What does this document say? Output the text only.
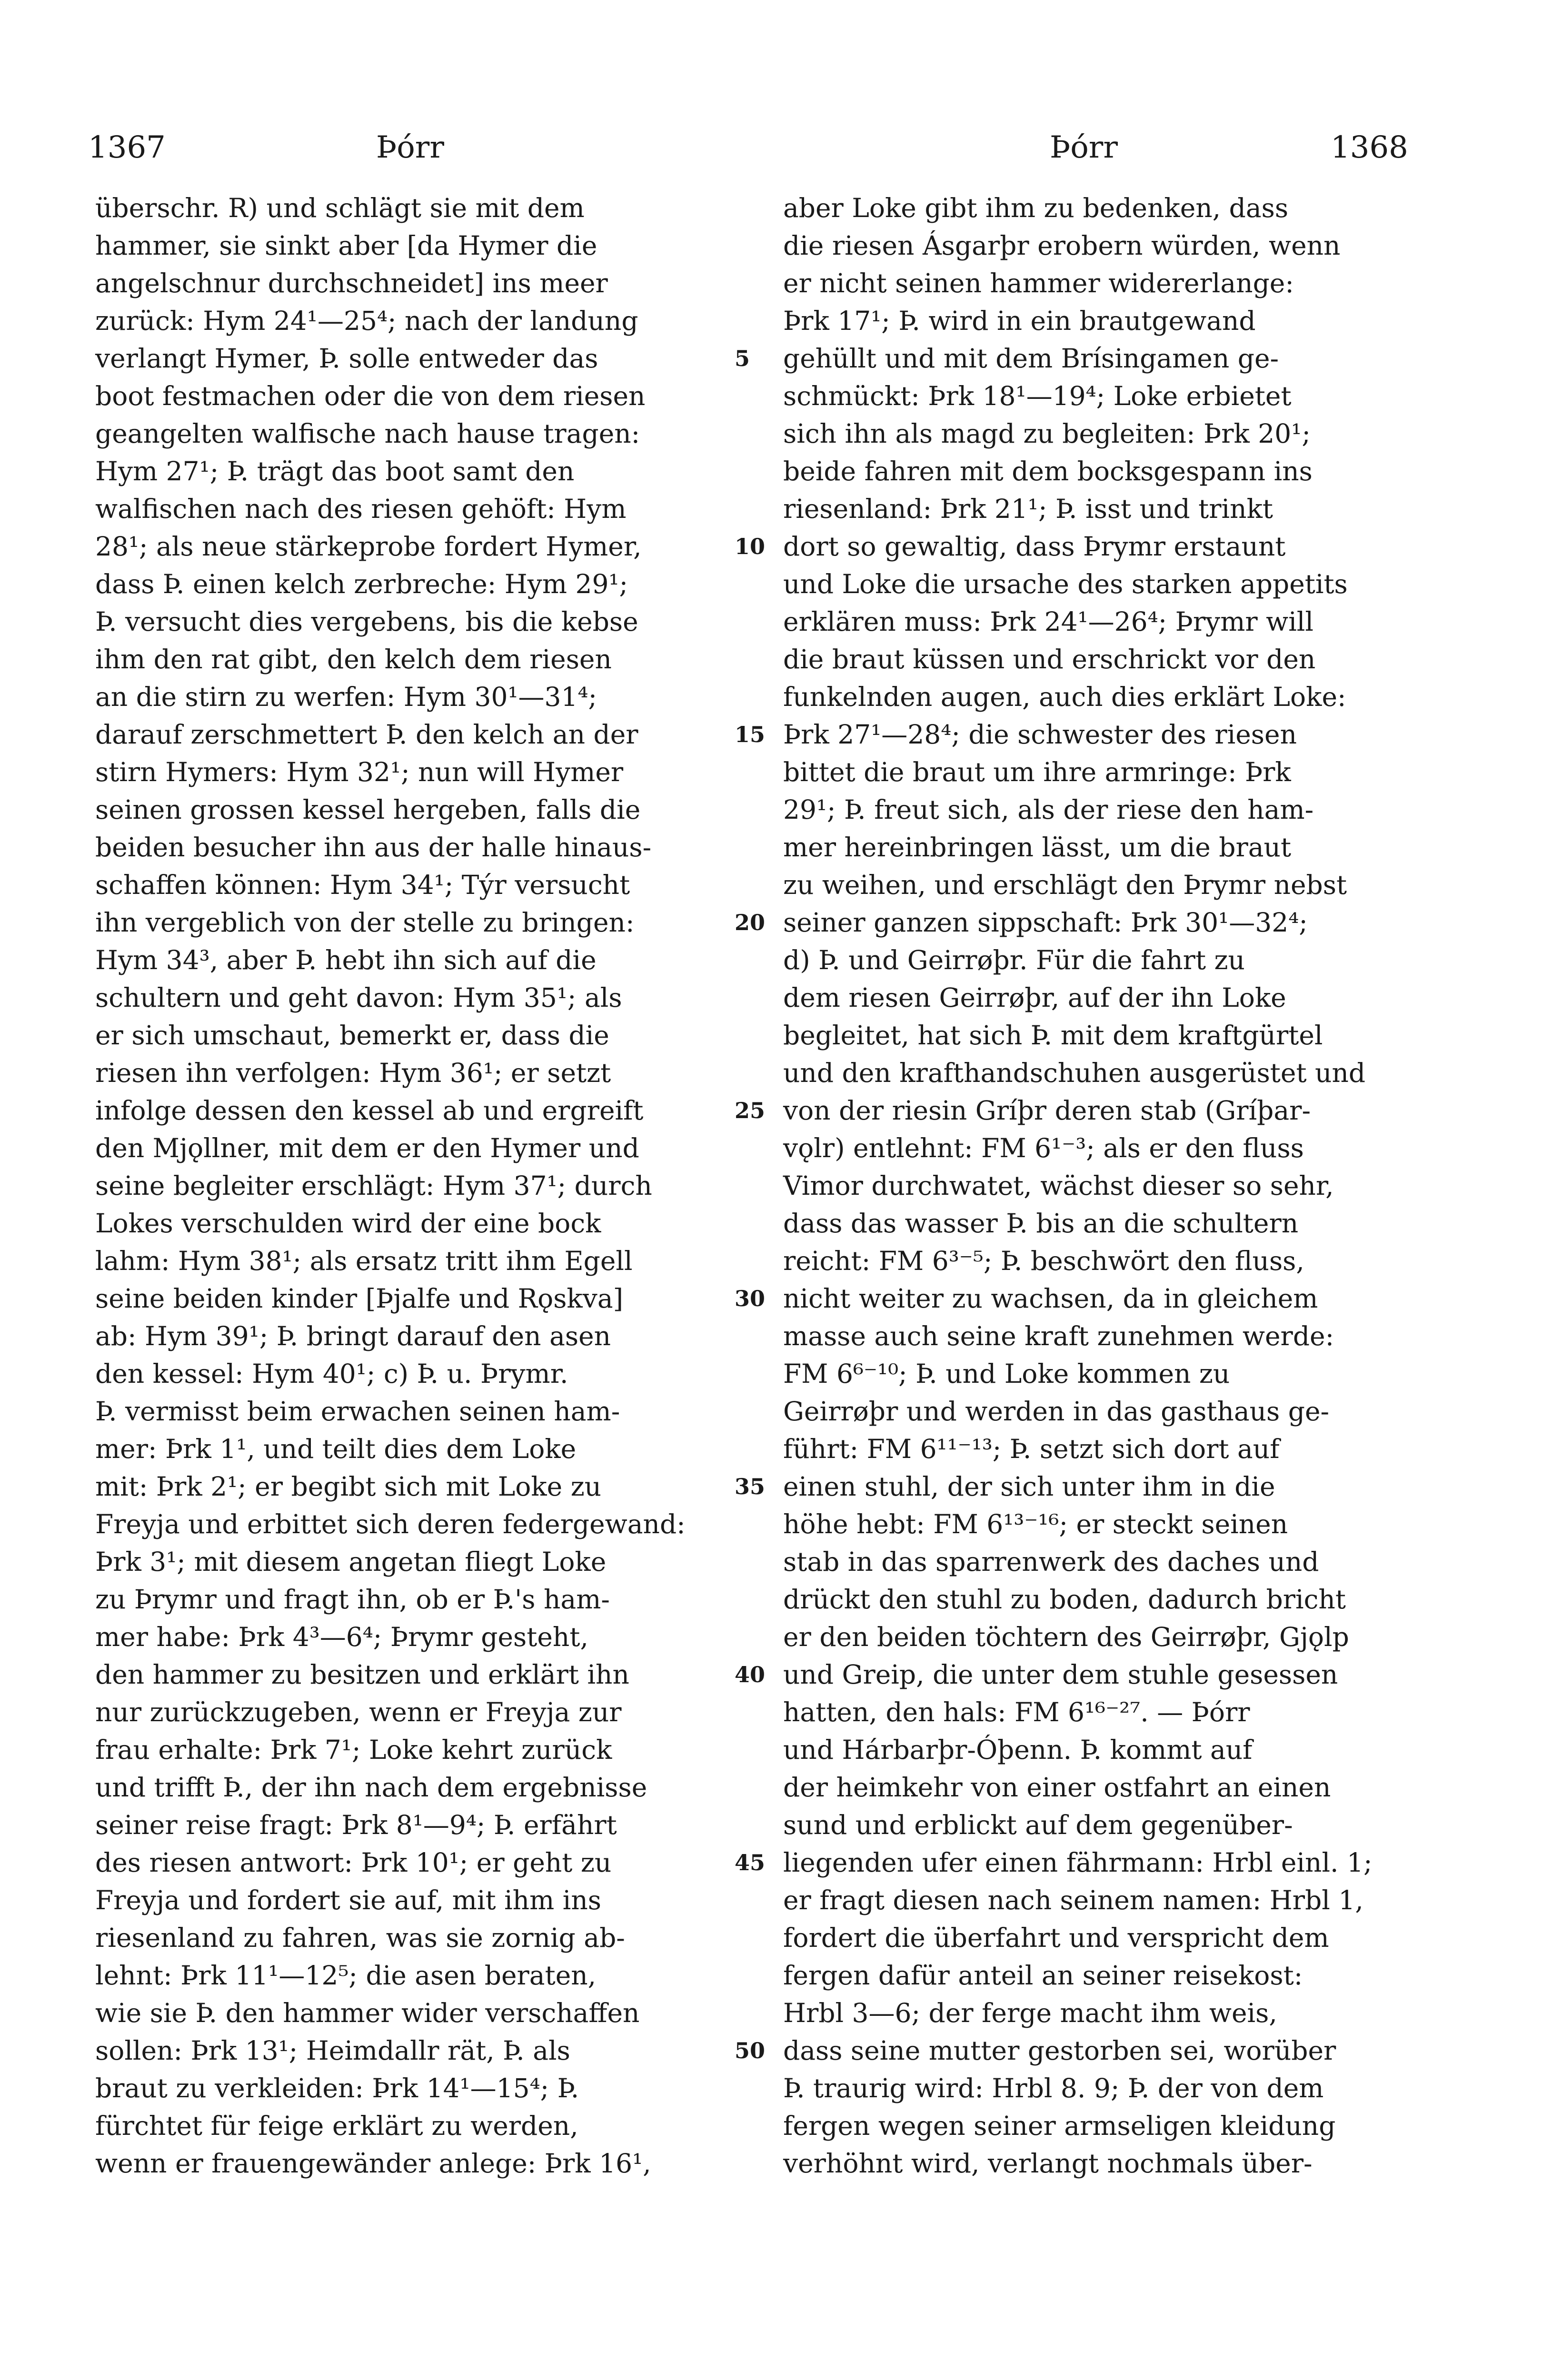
1367	Þórr	Þórr	1368
überschr. R) und schlägt sie mit dem
hammer, sie sinkt aber [da Hymer die
angelschnur durchschneidet] ins meer
zurück: Hym 24¹—25⁴; nach der landung
verlangt Hymer, Þ. solle entweder das
boot festmachen oder die von dem riesen
geangelten walfische nach hause tragen:
Hym 27¹; Þ. trägt das boot samt den
walfischen nach des riesen gehöft: Hym
28¹; als neue stärkeprobe fordert Hymer,
dass Þ. einen kelch zerbreche: Hym 29¹;
Þ. versucht dies vergebens, bis die kebse
ihm den rat gibt, den kelch dem riesen
an die stirn zu werfen: Hym 30¹—31⁴;
darauf zerschmettert Þ. den kelch an der
stirn Hymers: Hym 32¹; nun will Hymer
seinen grossen kessel hergeben, falls die
beiden besucher ihn aus der halle hinaus-
schaffen können: Hym 34¹; Týr versucht
ihn vergeblich von der stelle zu bringen:
Hym 34³, aber Þ. hebt ihn sich auf die
schultern und geht davon: Hym 35¹; als
er sich umschaut, bemerkt er, dass die
riesen ihn verfolgen: Hym 36¹; er setzt
infolge dessen den kessel ab und ergreift
den Mjǫllner, mit dem er den Hymer und
seine begleiter erschlägt: Hym 37¹; durch
Lokes verschulden wird der eine bock
lahm: Hym 38¹; als ersatz tritt ihm Egell
seine beiden kinder [Þjalfe und Rǫskva]
ab: Hym 39¹; Þ. bringt darauf den asen
den kessel: Hym 40¹; c) Þ. u. Þrymr.
Þ. vermisst beim erwachen seinen ham-
mer: Þrk 1¹, und teilt dies dem Loke
mit: Þrk 2¹; er begibt sich mit Loke zu
Freyja und erbittet sich deren federgewand:
Þrk 3¹; mit diesem angetan fliegt Loke
zu Þrymr und fragt ihn, ob er Þ.'s ham-
mer habe: Þrk 4³—6⁴; Þrymr gesteht,
den hammer zu besitzen und erklärt ihn
nur zurückzugeben, wenn er Freyja zur
frau erhalte: Þrk 7¹; Loke kehrt zurück
und trifft Þ., der ihn nach dem ergebnisse
seiner reise fragt: Þrk 8¹—9⁴; Þ. erfährt
des riesen antwort: Þrk 10¹; er geht zu
Freyja und fordert sie auf, mit ihm ins
riesenland zu fahren, was sie zornig ab-
lehnt: Þrk 11¹—12⁵; die asen beraten,
wie sie Þ. den hammer wider verschaffen
sollen: Þrk 13¹; Heimdallr rät, Þ. als
braut zu verkleiden: Þrk 14¹—15⁴; Þ.
fürchtet für feige erklärt zu werden,
wenn er frauengewänder anlege: Þrk 16¹,
aber Loke gibt ihm zu bedenken, dass
die riesen Ásgarþr erobern würden, wenn
er nicht seinen hammer widererlange:
Þrk 17¹; Þ. wird in ein brautgewand
gehüllt und mit dem Brísingamen ge-
schmückt: Þrk 18¹—19⁴; Loke erbietet
sich ihn als magd zu begleiten: Þrk 20¹;
beide fahren mit dem bocksgespann ins
riesenland: Þrk 21¹; Þ. isst und trinkt
dort so gewaltig, dass Þrymr erstaunt
und Loke die ursache des starken appetits
erklären muss: Þrk 24¹—26⁴; Þrymr will
die braut küssen und erschrickt vor den
funkelnden augen, auch dies erklärt Loke:
Þrk 27¹—28⁴; die schwester des riesen
bittet die braut um ihre armringe: Þrk
29¹; Þ. freut sich, als der riese den ham-
mer hereinbringen lässt, um die braut
zu weihen, und erschlägt den Þrymr nebst
seiner ganzen sippschaft: Þrk 30¹—32⁴;
d) Þ. und Geirrøþr. Für die fahrt zu
dem riesen Geirrøþr, auf der ihn Loke
begleitet, hat sich Þ. mit dem kraftgürtel
und den krafthandschuhen ausgerüstet und
von der riesin Gríþr deren stab (Gríþar-
vǫlr) entlehnt: FM 6¹⁻³; als er den fluss
Vimor durchwatet, wächst dieser so sehr,
dass das wasser Þ. bis an die schultern
reicht: FM 6³⁻⁵; Þ. beschwört den fluss,
nicht weiter zu wachsen, da in gleichem
masse auch seine kraft zunehmen werde:
FM 6⁶⁻¹⁰; Þ. und Loke kommen zu
Geirrøþr und werden in das gasthaus ge-
führt: FM 6¹¹⁻¹³; Þ. setzt sich dort auf
einen stuhl, der sich unter ihm in die
höhe hebt: FM 6¹³⁻¹⁶; er steckt seinen
stab in das sparrenwerk des daches und
drückt den stuhl zu boden, dadurch bricht
er den beiden töchtern des Geirrøþr, Gjǫlp
und Greip, die unter dem stuhle gesessen
hatten, den hals: FM 6¹⁶⁻²⁷. — Þórr
und Hárbarþr-Óþenn. Þ. kommt auf
der heimkehr von einer ostfahrt an einen
sund und erblickt auf dem gegenüber-
liegenden ufer einen fährmann: Hrbl einl. 1;
er fragt diesen nach seinem namen: Hrbl 1,
fordert die überfahrt und verspricht dem
fergen dafür anteil an seiner reisekost:
Hrbl 3—6; der ferge macht ihm weis,
dass seine mutter gestorben sei, worüber
Þ. traurig wird: Hrbl 8. 9; Þ. der von dem
fergen wegen seiner armseligen kleidung
verhöhnt wird, verlangt nochmals über-
5
10
15
20
25
30
35
40
45
50
